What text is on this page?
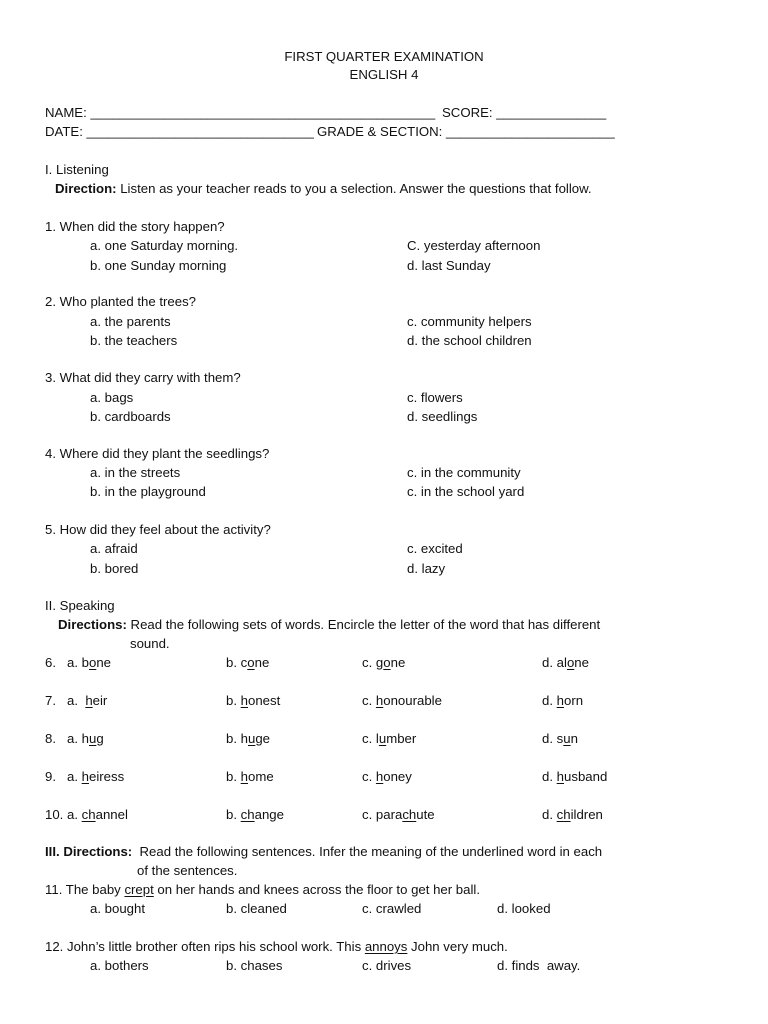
FIRST QUARTER EXAMINATION
ENGLISH 4
NAME: _______________________________________________ SCORE: _______________
DATE: _______________________________ GRADE & SECTION: _______________________
I. Listening
Direction: Listen as your teacher reads to you a selection. Answer the questions that follow.
1. When did the story happen?
a. one Saturday morning.	C. yesterday afternoon
b. one Sunday morning	d. last Sunday
2. Who planted the trees?
a. the parents	c. community helpers
b. the teachers	d. the school children
3. What did they carry with them?
a. bags	c. flowers
b. cardboards	d. seedlings
4. Where did they plant the seedlings?
a. in the streets	c. in the community
b. in the playground	c. in the school yard
5. How did they feel about the activity?
a. afraid	c. excited
b. bored	d. lazy
II. Speaking
Directions: Read the following sets of words. Encircle the letter of the word that has different
sound.
6.   a. bone	b. cone	c. gone	d. alone
7.   a.  heir	b. honest	c. honourable	d. horn
8.   a. hug	b. huge	c. lumber	d. sun
9.   a. heiress	b. home	c. honey	d. husband
10. a. channel	b. change	c. parachute	d. children
III. Directions:  Read the following sentences. Infer the meaning of the underlined word in each
of the sentences.
11. The baby crept on her hands and knees across the floor to get her ball.
a. bought	b. cleaned	c. crawled	d. looked
12. John’s little brother often rips his school work. This annoys John very much.
a. bothers	b. chases	c. drives	d. finds  away.
